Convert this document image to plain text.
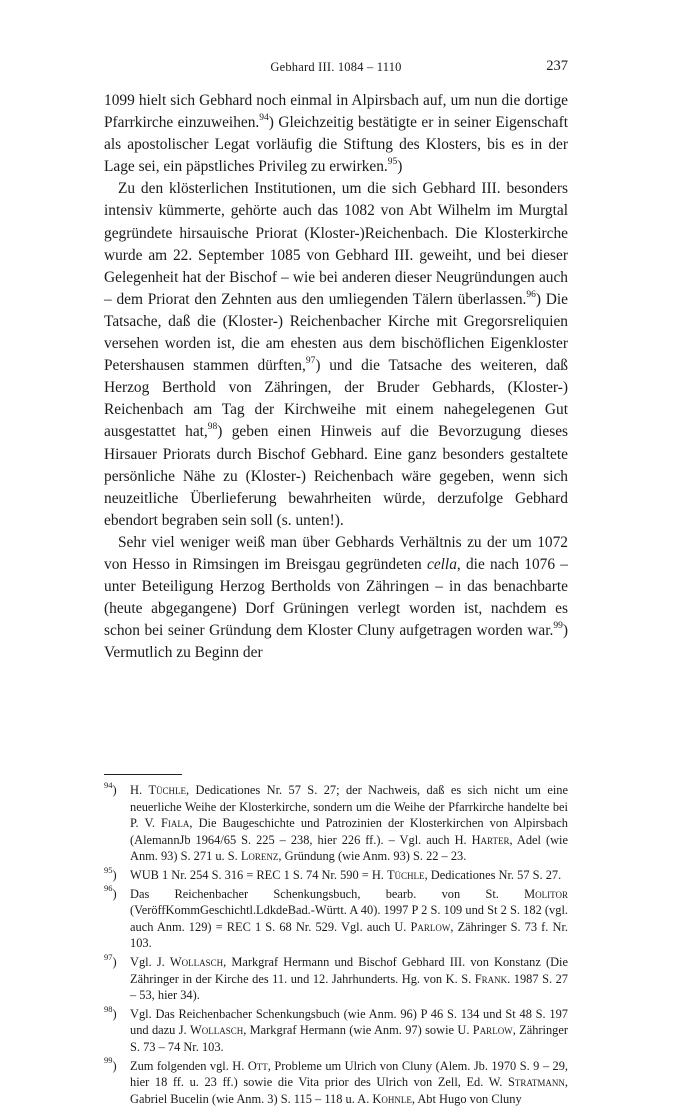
Gebhard III. 1084 – 1110	237

1099 hielt sich Gebhard noch einmal in Alpirsbach auf, um nun die dortige Pfarrkirche einzuweihen.$^{94}$) Gleichzeitig bestätigte er in seiner Eigenschaft als apostolischer Legat vorläufig die Stiftung des Klosters, bis es in der Lage sei, ein päpstliches Privileg zu erwirken.$^{95}$)

Zu den klösterlichen Institutionen, um die sich Gebhard III. besonders intensiv kümmerte, gehörte auch das 1082 von Abt Wilhelm im Murgtal gegründete hirsauische Priorat (Kloster-)Reichenbach. Die Klosterkirche wurde am 22. September 1085 von Gebhard III. geweiht, und bei dieser Gelegenheit hat der Bischof – wie bei anderen dieser Neugründungen auch – dem Priorat den Zehnten aus den umliegenden Tälern überlassen.$^{96}$) Die Tatsache, daß die (Kloster-) Reichenbacher Kirche mit Gregorsreliquien versehen worden ist, die am ehesten aus dem bischöflichen Eigenkloster Petershausen stammen dürften,$^{97}$) und die Tatsache des weiteren, daß Herzog Berthold von Zähringen, der Bruder Gebhards, (Kloster-) Reichenbach am Tag der Kirchweihe mit einem nahegelegenen Gut ausgestattet hat,$^{98}$) geben einen Hinweis auf die Bevorzugung dieses Hirsauer Priorats durch Bischof Gebhard. Eine ganz besonders gestaltete persönliche Nähe zu (Kloster-) Reichenbach wäre gegeben, wenn sich neuzeitliche Überlieferung bewahrheiten würde, derzufolge Gebhard ebendort begraben sein soll (s. unten!).

Sehr viel weniger weiß man über Gebhards Verhältnis zu der um 1072 von Hesso in Rimsingen im Breisgau gegründeten cella, die nach 1076 – unter Beteiligung Herzog Bertholds von Zähringen – in das benachbarte (heute abgegangene) Dorf Grüningen verlegt worden ist, nachdem es schon bei seiner Gründung dem Kloster Cluny aufgetragen worden war.$^{99}$) Vermutlich zu Beginn der

$^{94}$) H. Tüchle, Dedicationes Nr. 57 S. 27; der Nachweis, daß es sich nicht um eine neuerliche Weihe der Klosterkirche, sondern um die Weihe der Pfarrkirche handelte bei P. V. Fiala, Die Baugeschichte und Patrozinien der Klosterkirchen von Alpirsbach (AlemannJb 1964/65 S. 225 – 238, hier 226 ff.). – Vgl. auch H. Harter, Adel (wie Anm. 93) S. 271 u. S. Lorenz, Gründung (wie Anm. 93) S. 22 – 23.
$^{95}$) WUB 1 Nr. 254 S. 316 = REC 1 S. 74 Nr. 590 = H. Tüchle, Dedicationes Nr. 57 S. 27.
$^{96}$) Das Reichenbacher Schenkungsbuch, bearb. von St. Molitor (VeröffKommGeschichtl.LdkdeBad.-Württ. A 40). 1997 P 2 S. 109 und St 2 S. 182 (vgl. auch Anm. 129) = REC 1 S. 68 Nr. 529. Vgl. auch U. Parlow, Zähringer S. 73 f. Nr. 103.
$^{97}$) Vgl. J. Wollasch, Markgraf Hermann und Bischof Gebhard III. von Konstanz (Die Zähringer in der Kirche des 11. und 12. Jahrhunderts. Hg. von K. S. Frank. 1987 S. 27 – 53, hier 34).
$^{98}$) Vgl. Das Reichenbacher Schenkungsbuch (wie Anm. 96) P 46 S. 134 und St 48 S. 197 und dazu J. Wollasch, Markgraf Hermann (wie Anm. 97) sowie U. Parlow, Zähringer S. 73 – 74 Nr. 103.
$^{99}$) Zum folgenden vgl. H. Ott, Probleme um Ulrich von Cluny (Alem. Jb. 1970 S. 9 – 29, hier 18 ff. u. 23 ff.) sowie die Vita prior des Ulrich von Zell, Ed. W. Stratmann, Gabriel Bucelin (wie Anm. 3) S. 115 – 118 u. A. Kohnle, Abt Hugo von Cluny
